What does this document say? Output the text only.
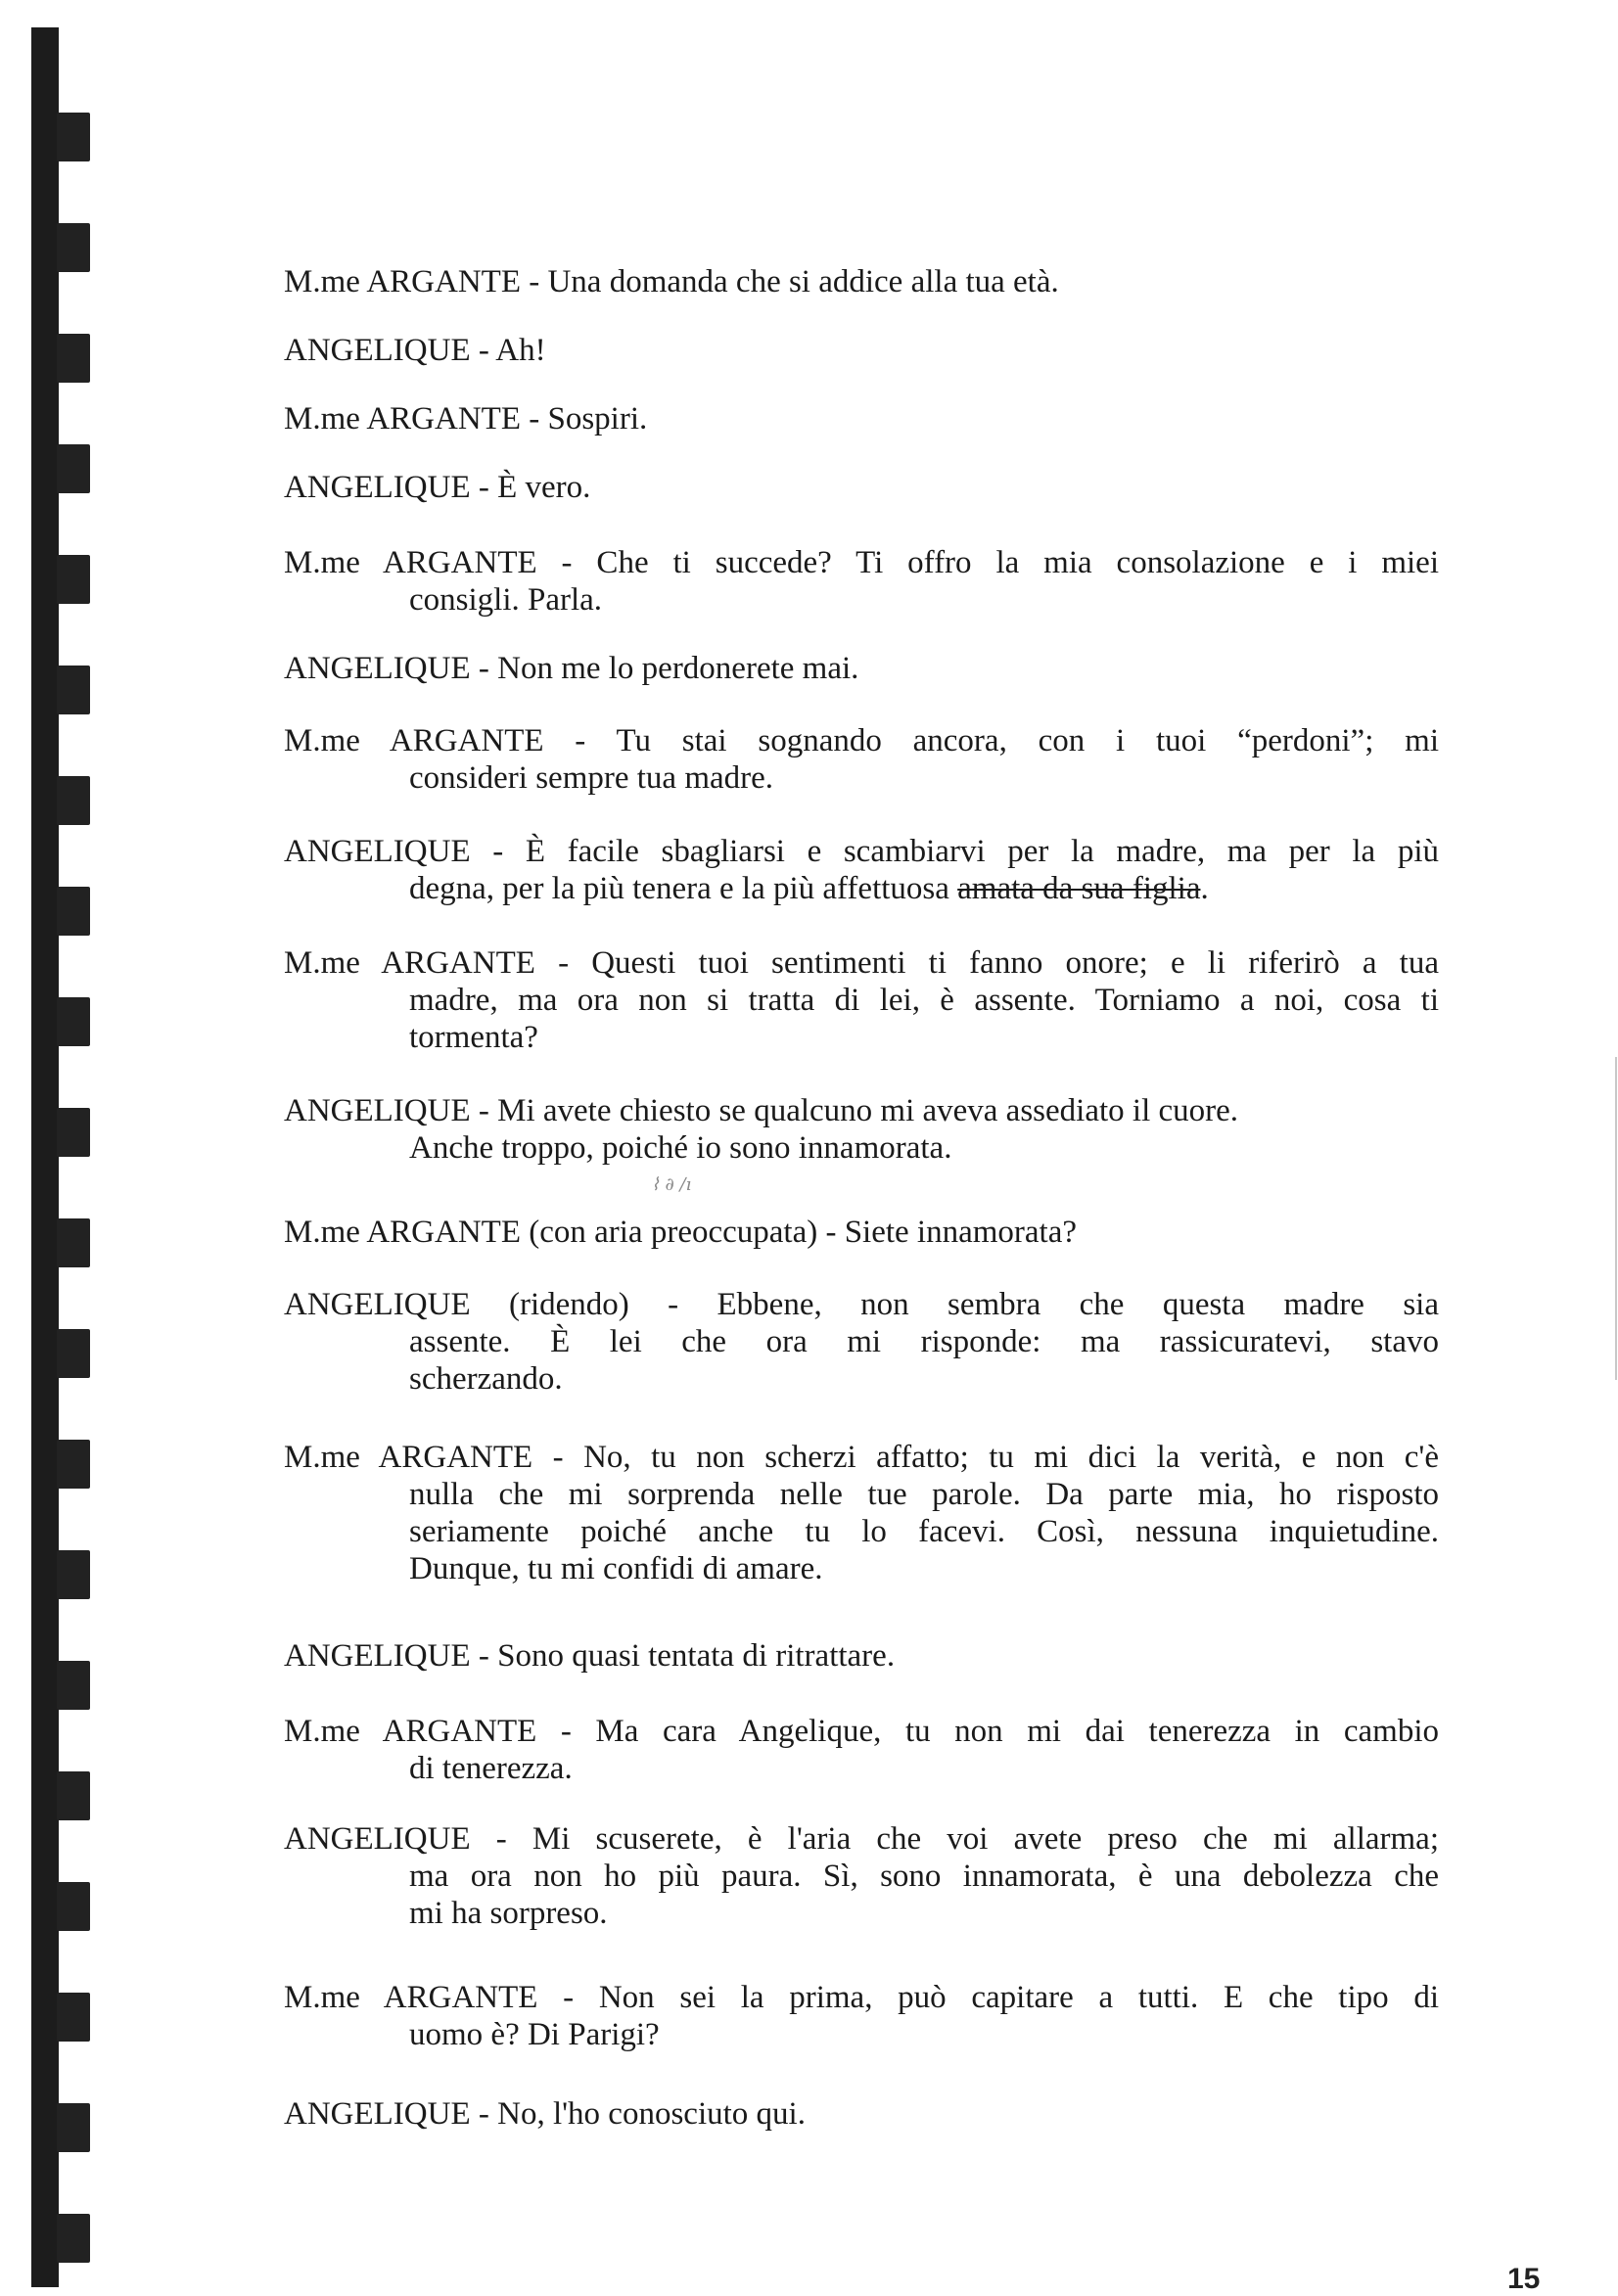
M.me ARGANTE - Una domanda che si addice alla tua età.
ANGELIQUE - Ah!
M.me ARGANTE - Sospiri.
ANGELIQUE - È vero.
M.me ARGANTE - Che ti succede? Ti offro la mia consolazione e i miei
consigli. Parla.
ANGELIQUE - Non me lo perdonerete mai.
M.me ARGANTE - Tu stai sognando ancora, con i tuoi “perdoni”; mi
consideri sempre tua madre.
ANGELIQUE - È facile sbagliarsi e scambiarvi per la madre, ma per la più
degna, per la più tenera e la più affettuosa amata da sua figlia.
M.me ARGANTE - Questi tuoi sentimenti ti fanno onore; e li riferirò a tua
madre, ma ora non si tratta di lei, è assente. Torniamo a noi, cosa ti
tormenta?
ANGELIQUE - Mi avete chiesto se qualcuno mi aveva assediato il cuore.
Anche troppo, poiché io sono innamorata.
M.me ARGANTE (con aria preoccupata) - Siete innamorata?
ANGELIQUE (ridendo) - Ebbene, non sembra che questa madre sia
assente. È lei che ora mi risponde: ma rassicuratevi, stavo
scherzando.
M.me ARGANTE - No, tu non scherzi affatto; tu mi dici la verità, e non c'è
nulla che mi sorprenda nelle tue parole. Da parte mia, ho risposto
seriamente poiché anche tu lo facevi. Così, nessuna inquietudine.
Dunque, tu mi confidi di amare.
ANGELIQUE - Sono quasi tentata di ritrattare.
M.me ARGANTE - Ma cara Angelique, tu non mi dai tenerezza in cambio
di tenerezza.
ANGELIQUE - Mi scuserete, è l'aria che voi avete preso che mi allarma;
ma ora non ho più paura. Sì, sono innamorata, è una debolezza che
mi ha sorpreso.
M.me ARGANTE - Non sei la prima, può capitare a tutti. E che tipo di
uomo è? Di Parigi?
ANGELIQUE - No, l'ho conosciuto qui.
⌇ ∂ ∕ı
15
